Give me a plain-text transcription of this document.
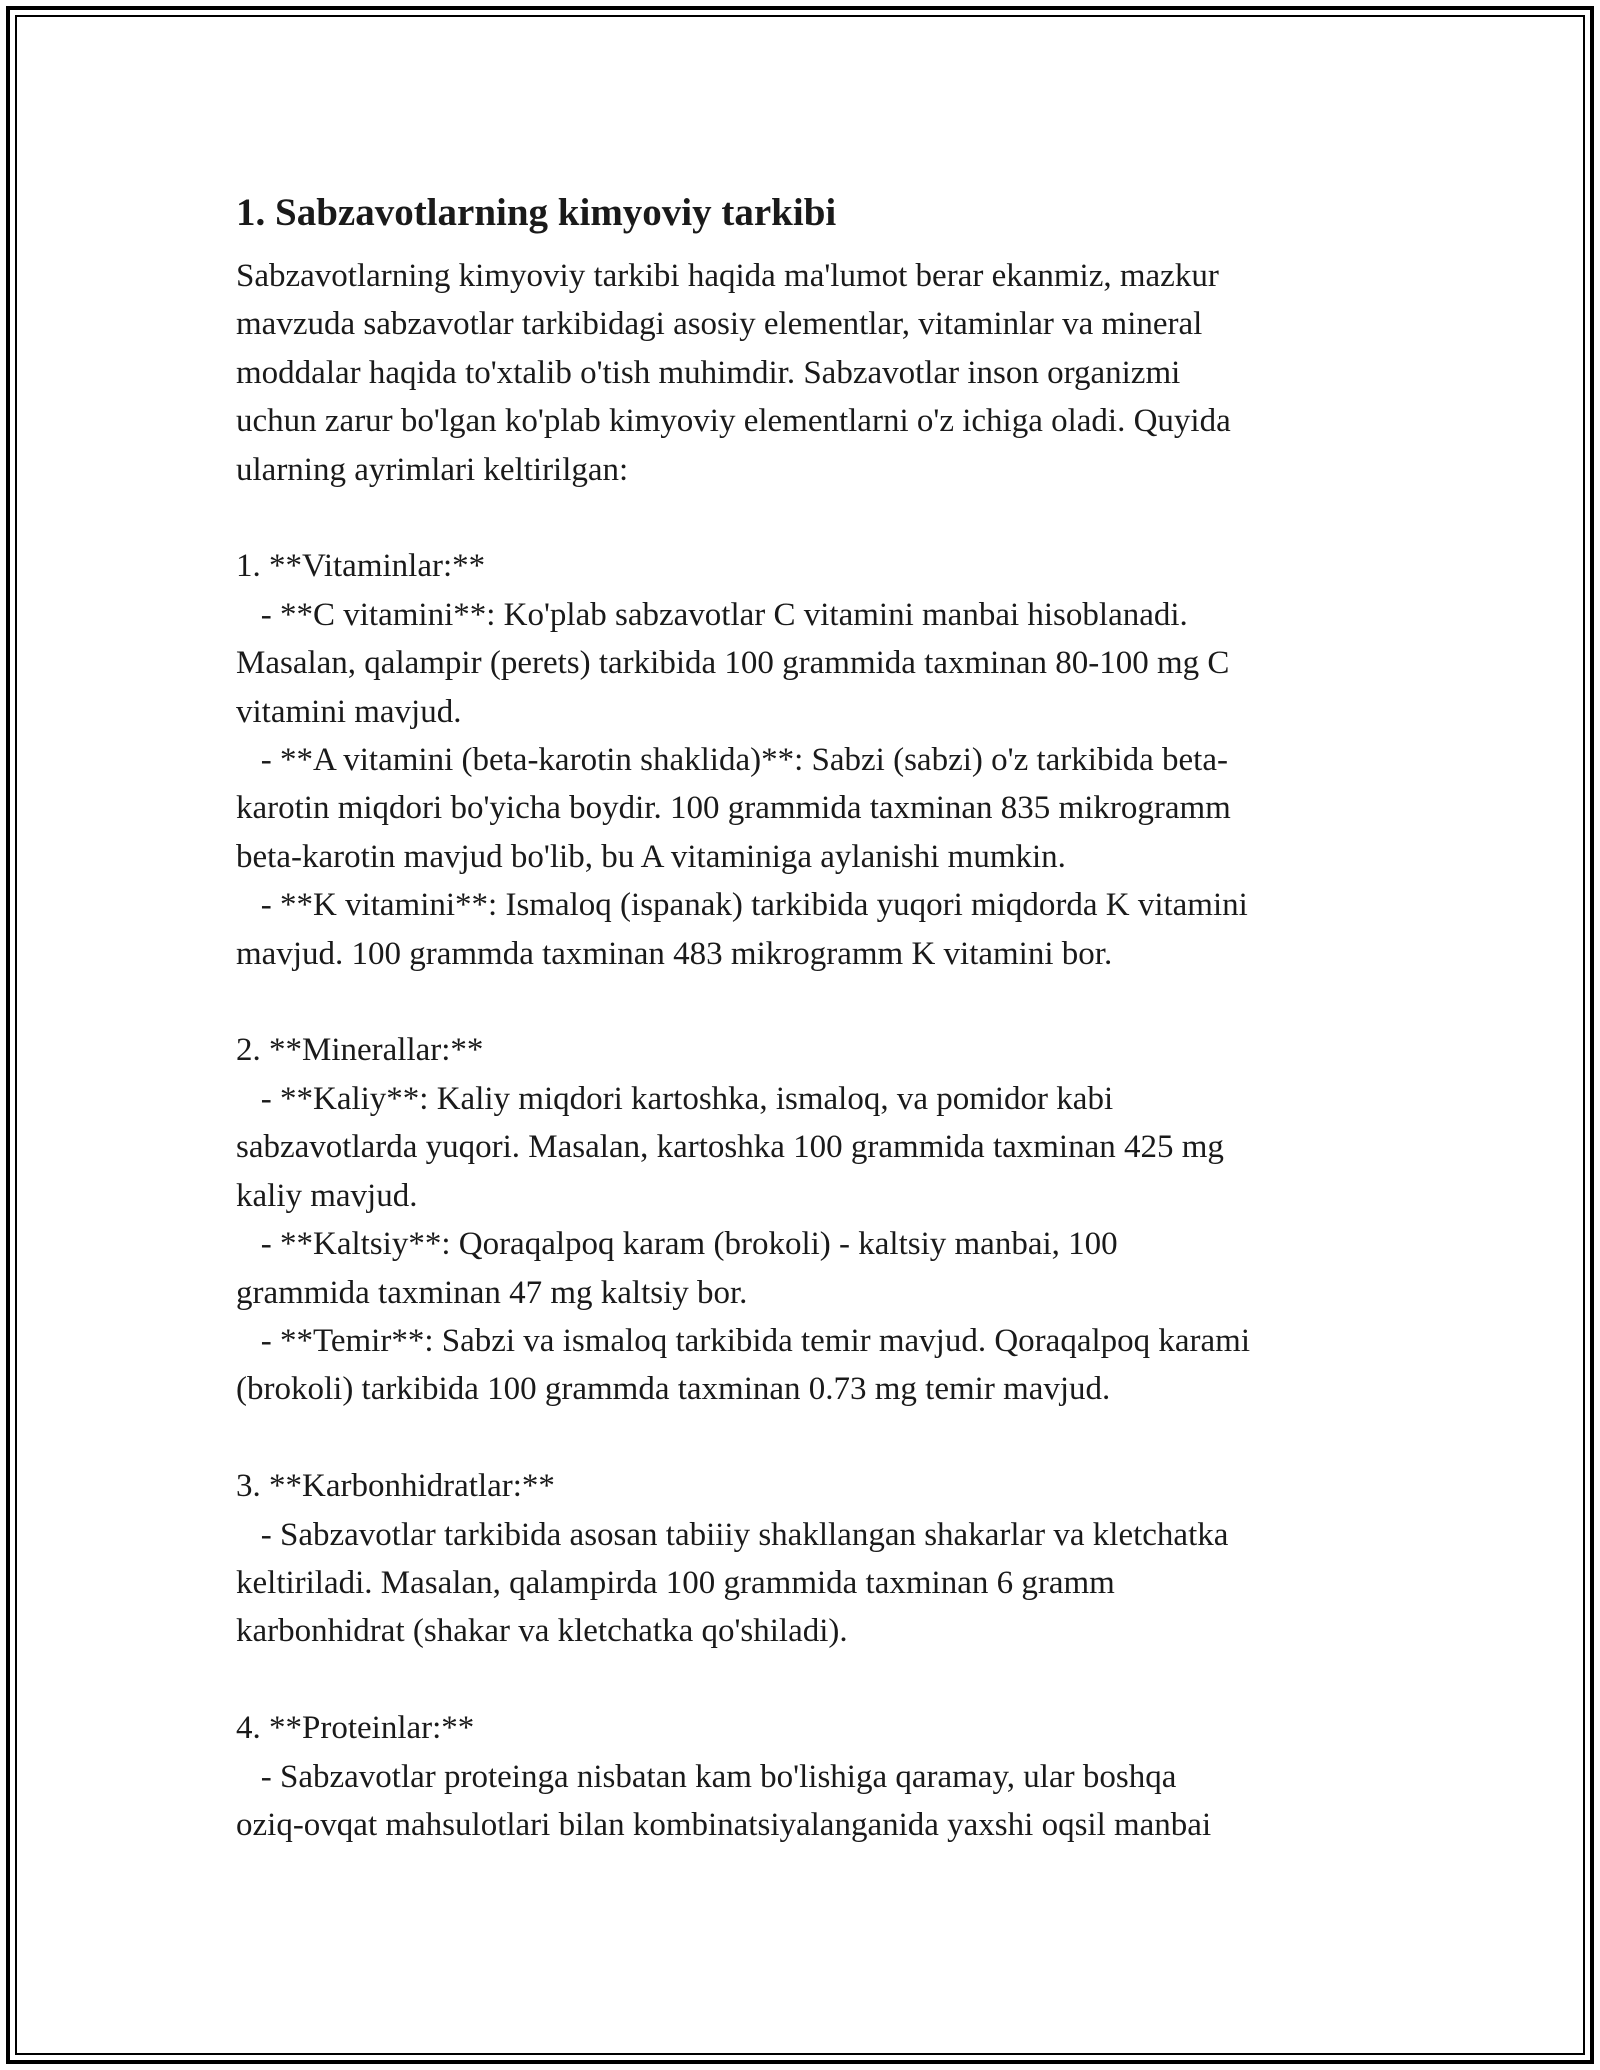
1. Sabzavotlarning kimyoviy tarkibi

Sabzavotlarning kimyoviy tarkibi haqida ma'lumot berar ekanmiz, mazkur
mavzuda sabzavotlar tarkibidagi asosiy elementlar, vitaminlar va mineral
moddalar haqida to'xtalib o'tish muhimdir. Sabzavotlar inson organizmi
uchun zarur bo'lgan ko'plab kimyoviy elementlarni o'z ichiga oladi. Quyida
ularning ayrimlari keltirilgan:

1. **Vitaminlar:**
- **C vitamini**: Ko'plab sabzavotlar C vitamini manbai hisoblanadi.
Masalan, qalampir (perets) tarkibida 100 grammida taxminan 80-100 mg C
vitamini mavjud.
- **A vitamini (beta-karotin shaklida)**: Sabzi (sabzi) o'z tarkibida beta-
karotin miqdori bo'yicha boydir. 100 grammida taxminan 835 mikrogramm
beta-karotin mavjud bo'lib, bu A vitaminiga aylanishi mumkin.
- **K vitamini**: Ismaloq (ispanak) tarkibida yuqori miqdorda K vitamini
mavjud. 100 grammda taxminan 483 mikrogramm K vitamini bor.

2. **Minerallar:**
- **Kaliy**: Kaliy miqdori kartoshka, ismaloq, va pomidor kabi
sabzavotlarda yuqori. Masalan, kartoshka 100 grammida taxminan 425 mg
kaliy mavjud.
- **Kaltsiy**: Qoraqalpoq karam (brokoli) - kaltsiy manbai, 100
grammida taxminan 47 mg kaltsiy bor.
- **Temir**: Sabzi va ismaloq tarkibida temir mavjud. Qoraqalpoq karami
(brokoli) tarkibida 100 grammda taxminan 0.73 mg temir mavjud.

3. **Karbonhidratlar:**
- Sabzavotlar tarkibida asosan tabiiiy shakllangan shakarlar va kletchatka
keltiriladi. Masalan, qalampirda 100 grammida taxminan 6 gramm
karbonhidrat (shakar va kletchatka qo'shiladi).

4. **Proteinlar:**
- Sabzavotlar proteinga nisbatan kam bo'lishiga qaramay, ular boshqa
oziq-ovqat mahsulotlari bilan kombinatsiyalanganida yaxshi oqsil manbai
